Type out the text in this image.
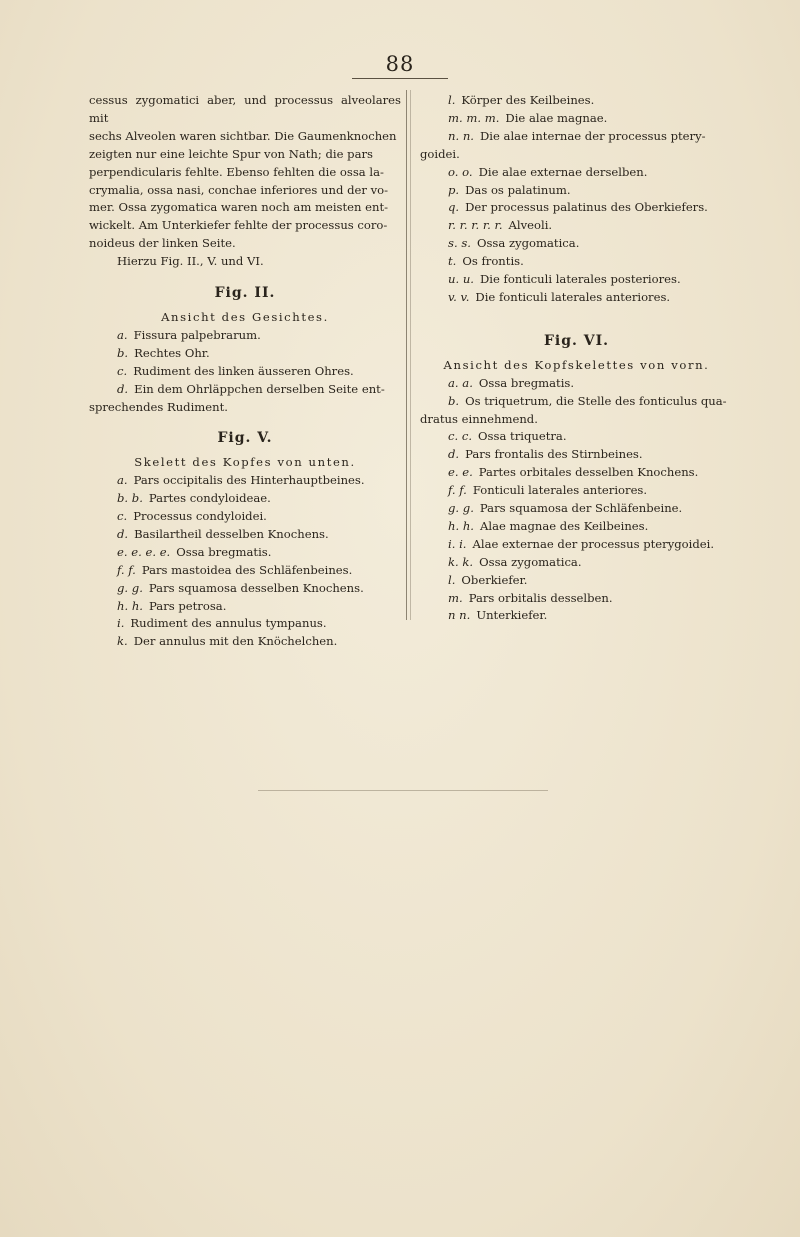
88

cessus zygomatici aber, und processus alveolares mit

sechs Alveolen waren sichtbar. Die Gaumenknochen

zeigten nur eine leichte Spur von Nath; die pars

perpendicularis fehlte. Ebenso fehlten die ossa la-

crymalia, ossa nasi, conchae inferiores und der vo-

mer. Ossa zygomatica waren noch am meisten ent-

wickelt. Am Unterkiefer fehlte der processus coro-

noideus der linken Seite.

Hierzu Fig. II., V. und VI.

Fig. II.

Ansicht des Gesichtes.

a. Fissura palpebrarum.

b. Rechtes Ohr.

c. Rudiment des linken äusseren Ohres.

d. Ein dem Ohrläppchen derselben Seite ent-

sprechendes Rudiment.

Fig. V.

Skelett des Kopfes von unten.

a. Pars occipitalis des Hinterhauptbeines.

b. b. Partes condyloideae.

c. Processus condyloidei.

d. Basilartheil desselben Knochens.

e. e. e. e. Ossa bregmatis.

f. f. Pars mastoidea des Schläfenbeines.

g. g. Pars squamosa desselben Knochens.

h. h. Pars petrosa.

i. Rudiment des annulus tympanus.

k. Der annulus mit den Knöchelchen.

l. Körper des Keilbeines.

m. m. m. Die alae magnae.

n. n. Die alae internae der processus ptery-

goidei.

o. o. Die alae externae derselben.

p. Das os palatinum.

q. Der processus palatinus des Oberkiefers.

r. r. r. r. r. Alveoli.

s. s. Ossa zygomatica.

t. Os frontis.

u. u. Die fonticuli laterales posteriores.

v. v. Die fonticuli laterales anteriores.

Fig. VI.

Ansicht des Kopfskelettes von vorn.

a. a. Ossa bregmatis.

b. Os triquetrum, die Stelle des fonticulus qua-

dratus einnehmend.

c. c. Ossa triquetra.

d. Pars frontalis des Stirnbeines.

e. e. Partes orbitales desselben Knochens.

f. f. Fonticuli laterales anteriores.

g. g. Pars squamosa der Schläfenbeine.

h. h. Alae magnae des Keilbeines.

i. i. Alae externae der processus pterygoidei.

k. k. Ossa zygomatica.

l. Oberkiefer.

m. Pars orbitalis desselben.

n n. Unterkiefer.
